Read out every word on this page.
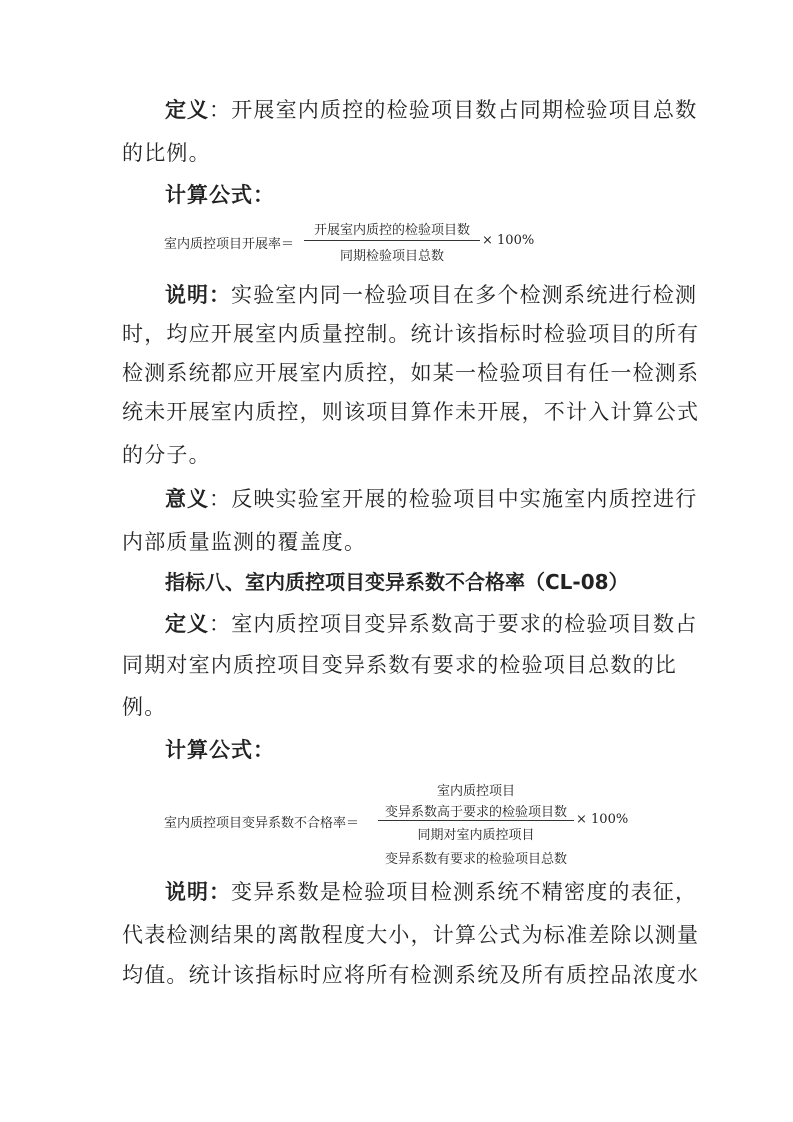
定义：开展室内质控的检验项目数占同期检验项目总数
的比例。
计算公式：
室内质控项目开展率＝
开展室内质控的检验项目数
同期检验项目总数
× 100%
说明：实验室内同一检验项目在多个检测系统进行检测
时，均应开展室内质量控制。统计该指标时检验项目的所有
检测系统都应开展室内质控，如某一检验项目有任一检测系
统未开展室内质控，则该项目算作未开展，不计入计算公式
的分子。
意义：反映实验室开展的检验项目中实施室内质控进行
内部质量监测的覆盖度。
指标八、室内质控项目变异系数不合格率（CL-08）
定义：室内质控项目变异系数高于要求的检验项目数占
同期对室内质控项目变异系数有要求的检验项目总数的比
例。
计算公式：
室内质控项目
变异系数高于要求的检验项目数
室内质控项目变异系数不合格率＝
同期对室内质控项目
变异系数有要求的检验项目总数
× 100%
说明：变异系数是检验项目检测系统不精密度的表征，
代表检测结果的离散程度大小，计算公式为标准差除以测量
均值。统计该指标时应将所有检测系统及所有质控品浓度水
